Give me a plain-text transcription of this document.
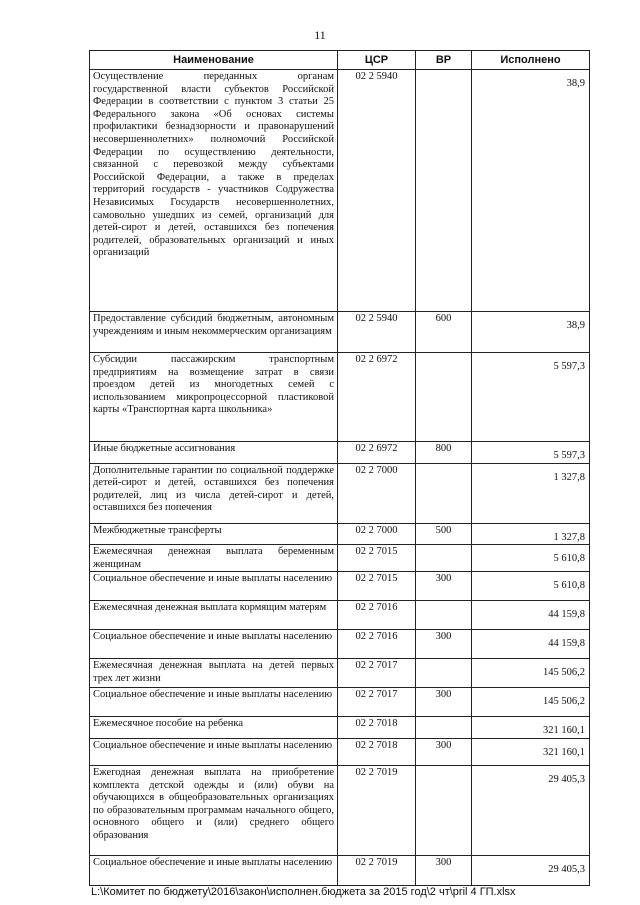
11
Наименование	ЦСР	ВР	Исполнено
Осуществление переданных органам государственной власти субъектов Российской Федерации в соответствии с пунктом 3 статьи 25 Федерального закона «Об основах системы профилактики безнадзорности и правонарушений несовершеннолетних» полномочий Российской Федерации по осуществлению деятельности, связанной с перевозкой между субъектами Российской Федерации, а также в пределах территорий государств - участников Содружества Независимых Государств несовершеннолетних, самовольно ушедших из семей, организаций для детей-сирот и детей, оставшихся без попечения родителей, образовательных организаций и иных организаций	02 2 5940		38,9
Предоставление субсидий бюджетным, автономным учреждениям и иным некоммерческим организациям	02 2 5940	600	38,9
Субсидии пассажирским транспортным предприятиям на возмещение затрат в связи проездом детей из многодетных семей с использованием микропроцессорной пластиковой карты «Транспортная карта школьника»	02 2 6972		5 597,3
Иные бюджетные ассигнования	02 2 6972	800	5 597,3
Дополнительные гарантии по социальной поддержке детей-сирот и детей, оставшихся без попечения родителей, лиц из числа детей-сирот и детей, оставшихся без попечения	02 2 7000		1 327,8
Межбюджетные трансферты	02 2 7000	500	1 327,8
Ежемесячная денежная выплата беременным женщинам	02 2 7015		5 610,8
Социальное обеспечение и иные выплаты населению	02 2 7015	300	5 610,8
Ежемесячная денежная выплата кормящим матерям	02 2 7016		44 159,8
Социальное обеспечение и иные выплаты населению	02 2 7016	300	44 159,8
Ежемесячная денежная выплата на детей первых трех лет жизни	02 2 7017		145 506,2
Социальное обеспечение и иные выплаты населению	02 2 7017	300	145 506,2
Ежемесячное пособие на ребенка	02 2 7018		321 160,1
Социальное обеспечение и иные выплаты населению	02 2 7018	300	321 160,1
Ежегодная денежная выплата на приобретение комплекта детской одежды и (или) обуви на обучающихся в общеобразовательных организациях по образовательным программам начального общего, основного общего и (или) среднего общего образования	02 2 7019		29 405,3
Социальное обеспечение и иные выплаты населению	02 2 7019	300	29 405,3
L:\Комитет по бюджету\2016\закон\исполнен.бюджета за 2015 год\2 чт\pril 4 ГП.xlsx
